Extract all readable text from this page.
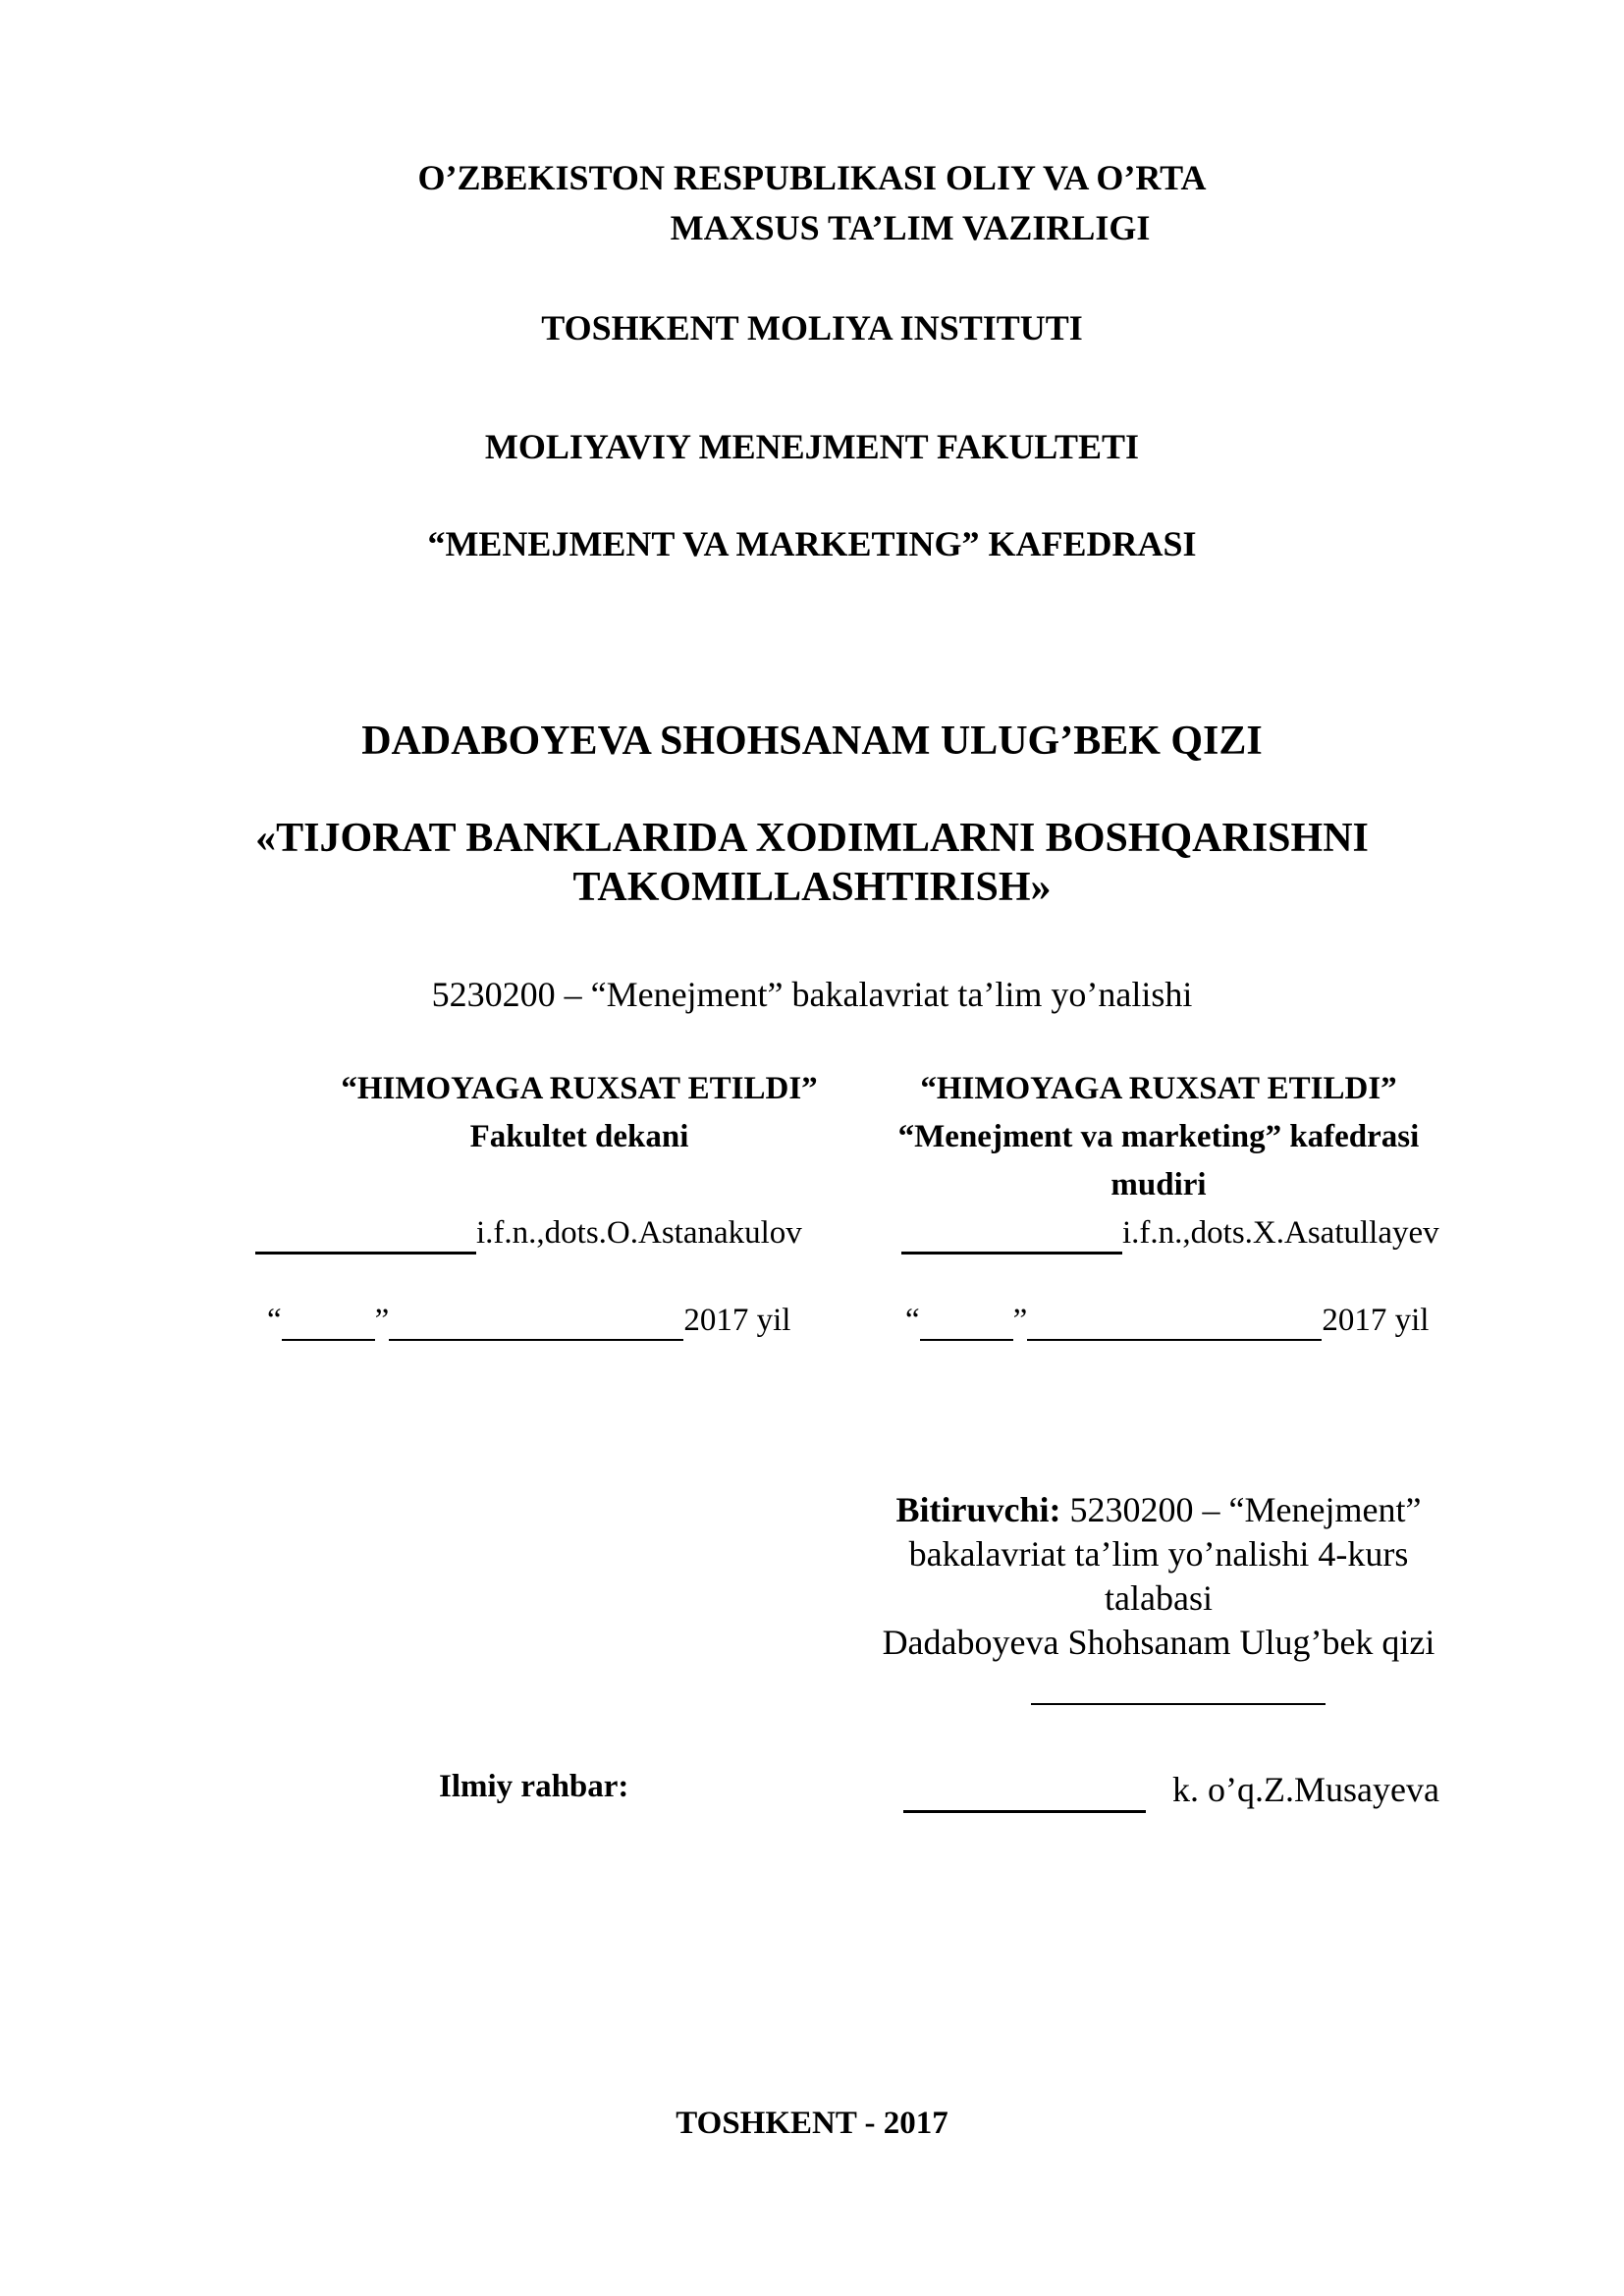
O’ZBEKISTON RESPUBLIKASI OLIY VA O’RTA
MAXSUS TA’LIM VAZIRLIGI
TOSHKENT MOLIYA INSTITUTI
MOLIYAVIY MENEJMENT FAKULTETI
“MENEJMENT VA MARKETING” KAFEDRASI
DADABOYEVA SHOHSANAM ULUG’BEK QIZI
«TIJORAT BANKLARIDA XODIMLARNI BOSHQARISHNI
TAKOMILLASHTIRISH»
5230200 – “Menejment” bakalavriat ta’lim yo’nalishi
“HIMOYAGA RUXSAT ETILDI”
Fakultet dekani
i.f.n.,dots.O.Astanakulov
“	”	2017 yil
“HIMOYAGA RUXSAT ETILDI”
“Menejment va marketing” kafedrasi
mudiri
i.f.n.,dots.X.Asatullayev
“	”	2017 yil
Bitiruvchi: 5230200 – “Menejment”
bakalavriat ta’lim yo’nalishi 4-kurs
talabasi
Dadaboyeva Shohsanam Ulug’bek qizi
Ilmiy rahbar:	k. o’q.Z.Musayeva
TOSHKENT - 2017
